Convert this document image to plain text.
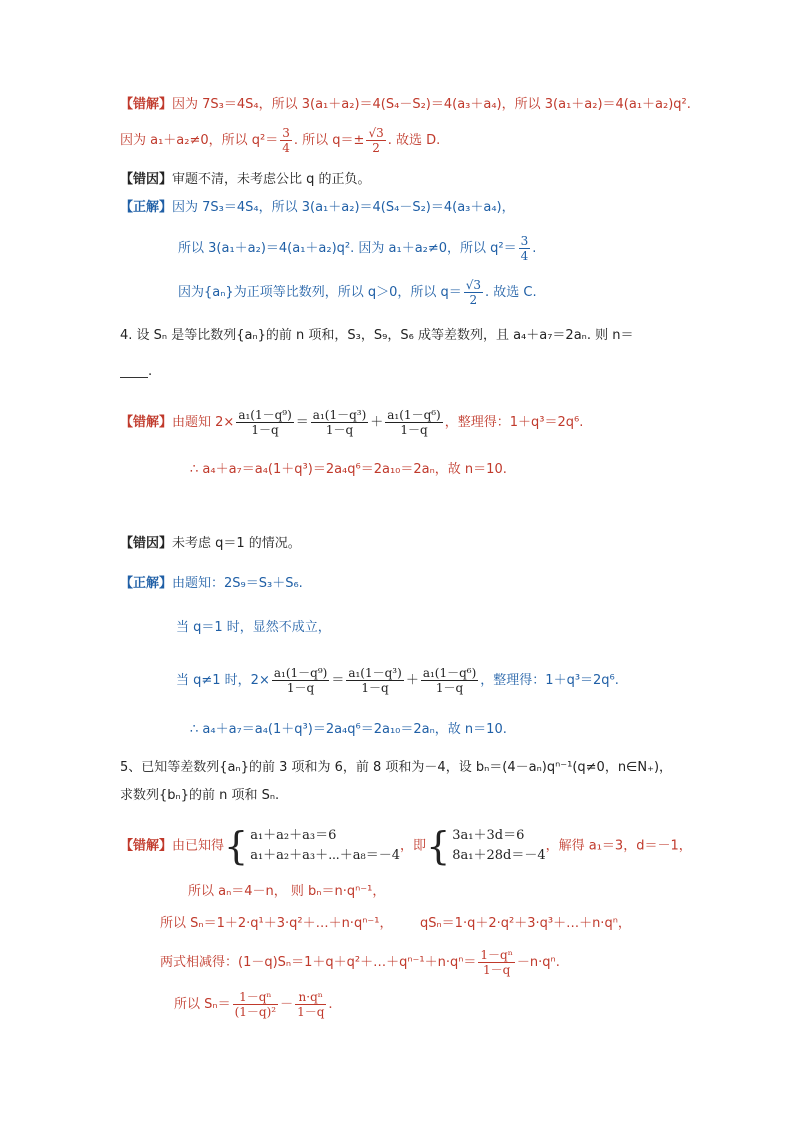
【错解】因为 7S₃＝4S₄，所以 3(a₁＋a₂)＝4(S₄－S₂)＝4(a₃＋a₄)，所以 3(a₁＋a₂)＝4(a₁＋a₂)q².
因为 a₁＋a₂≠0，所以 $q^2= \frac{3}{4}$ . 所以 $q=\pm \frac{√3}{2}$ . 故选 D.
【错因】审题不清，未考虑公比 q 的正负。
【正解】因为 7S₃＝4S₄，所以 3(a₁＋a₂)＝4(S₄－S₂)＝4(a₃＋a₄)，
所以 3(a₁＋a₂)＝4(a₁＋a₂)q². 因为 a₁＋a₂≠0，所以 $q^2= \frac{3}{4}$ .
因为{aₙ}为正项等比数列，所以 q＞0，所以 $q= \frac{√3}{2}$ . 故选 C.
4. 设 Sₙ 是等比数列{aₙ}的前 n 项和，S₃，S₉，S₆ 成等差数列，且 a₄＋a₇＝2aₙ. 则 n＝
.
【错解】由题知 $2\times \frac{\text{a₁(1－q⁹)}}{1-q} = \frac{\text{a₁(1－q³)}}{1-q} + \frac{\text{a₁(1－q⁶)}}{1-q}$ ，整理得：1＋q³＝2q⁶.
∴ a₄＋a₇＝a₄(1＋q³)＝2a₄q⁶＝2a₁₀＝2aₙ，故 n＝10.
【错因】未考虑 q＝1 的情况。
【正解】由题知：2S₉＝S₃＋S₆.
当 q＝1 时，显然不成立，
当 q≠1 时，$2\times \frac{\text{a₁(1－q⁹)}}{1-q} = \frac{\text{a₁(1－q³)}}{1-q} + \frac{\text{a₁(1－q⁶)}}{1-q}$ ，整理得：1＋q³＝2q⁶.
∴ a₄＋a₇＝a₄(1＋q³)＝2a₄q⁶＝2a₁₀＝2aₙ，故 n＝10.
5、已知等差数列{aₙ}的前 3 项和为 6，前 8 项和为－4，设 bₙ＝(4－aₙ)qⁿ⁻¹(q≠0，n∈N₊)，
求数列{bₙ}的前 n 项和 Sₙ.
【错解】由已知得{ a₁＋a₂＋a₃＝6
a₁＋a₂＋a₃＋⋯＋a₈＝－4
，即{ 3a₁＋3d＝6
8a₁＋28d＝－4
，解得 a₁＝3，d＝－1，
所以 aₙ＝4－n， 则 bₙ＝n·qⁿ⁻¹，
所以 Sₙ＝1＋2·q¹＋3·q²＋…＋n·qⁿ⁻¹， qSₙ＝1·q＋2·q²＋3·q³＋…＋n·qⁿ，
两式相减得：(1－q)Sₙ＝1＋q＋q²＋…＋qⁿ⁻¹＋n·qⁿ＝ $\frac{\text{1－qⁿ}}{1-q} -n\cdot q^n$.
所以 $S_n= \frac{\text{1－qⁿ}}{\text{(1－q)²}} - \frac{\text{n·qⁿ}}{1-q}$ .
